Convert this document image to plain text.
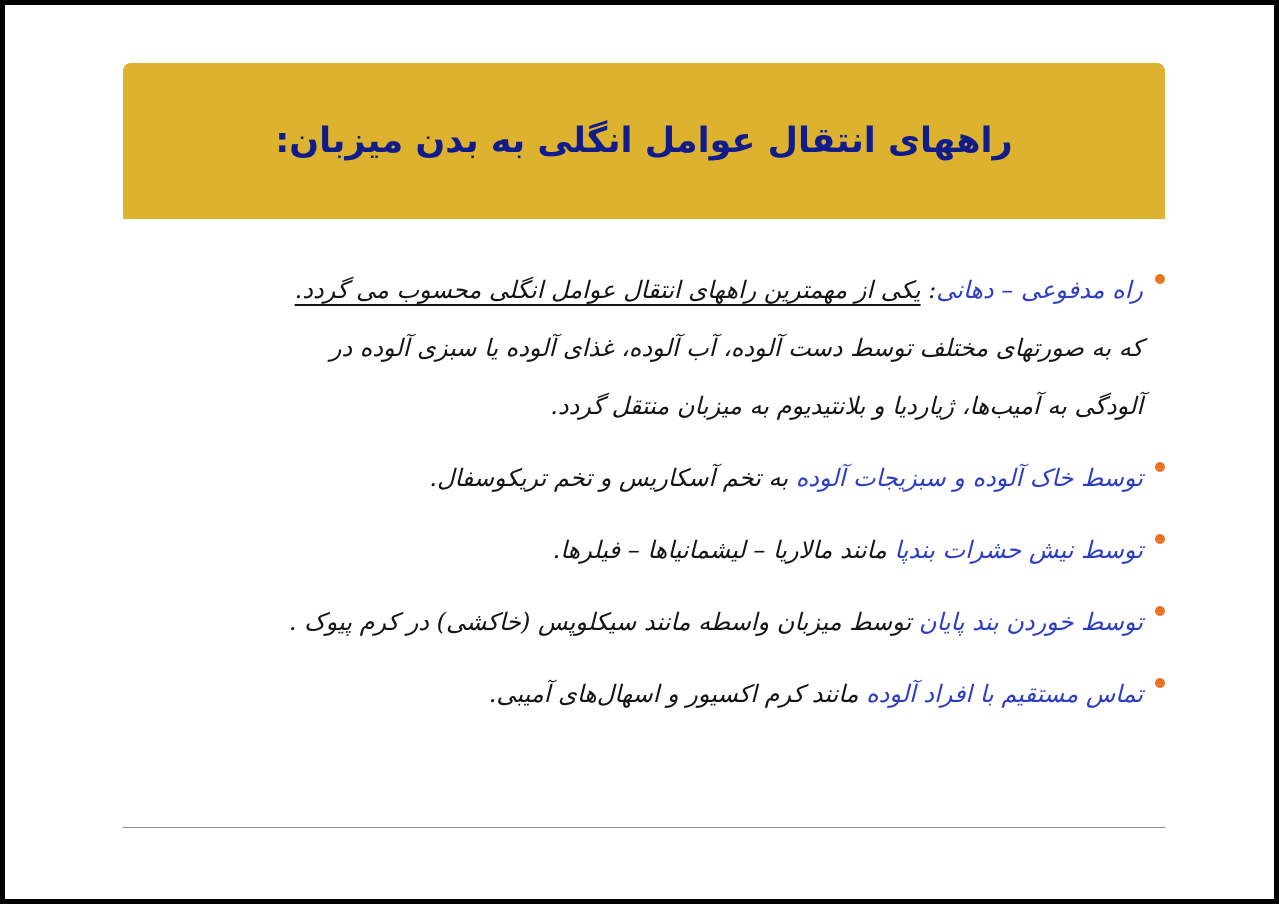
راههای انتقال عوامل انگلی به بدن میزبان:
راه مدفوعی – دهانی: یکی از مهمترین راههای انتقال عوامل انگلی محسوب می گردد.
که به صورتهای مختلف توسط دست آلوده، آب آلوده، غذای آلوده یا سبزی آلوده در
آلودگی به آمیب‌ها، ژیاردیا و بلانتیدیوم به میزبان منتقل گردد.
توسط خاک آلوده و سبزیجات آلوده به تخم آسکاریس و تخم تریکوسفال.
توسط نیش حشرات بندپا مانند مالاریا – لیشمانیاها – فیلرها.
توسط خوردن بند پایان توسط میزبان واسطه مانند سیکلوپس (خاکشی) در کرم پیوک .
تماس مستقیم با افراد آلوده مانند کرم اکسیور و اسهال‌های آمیبی.
